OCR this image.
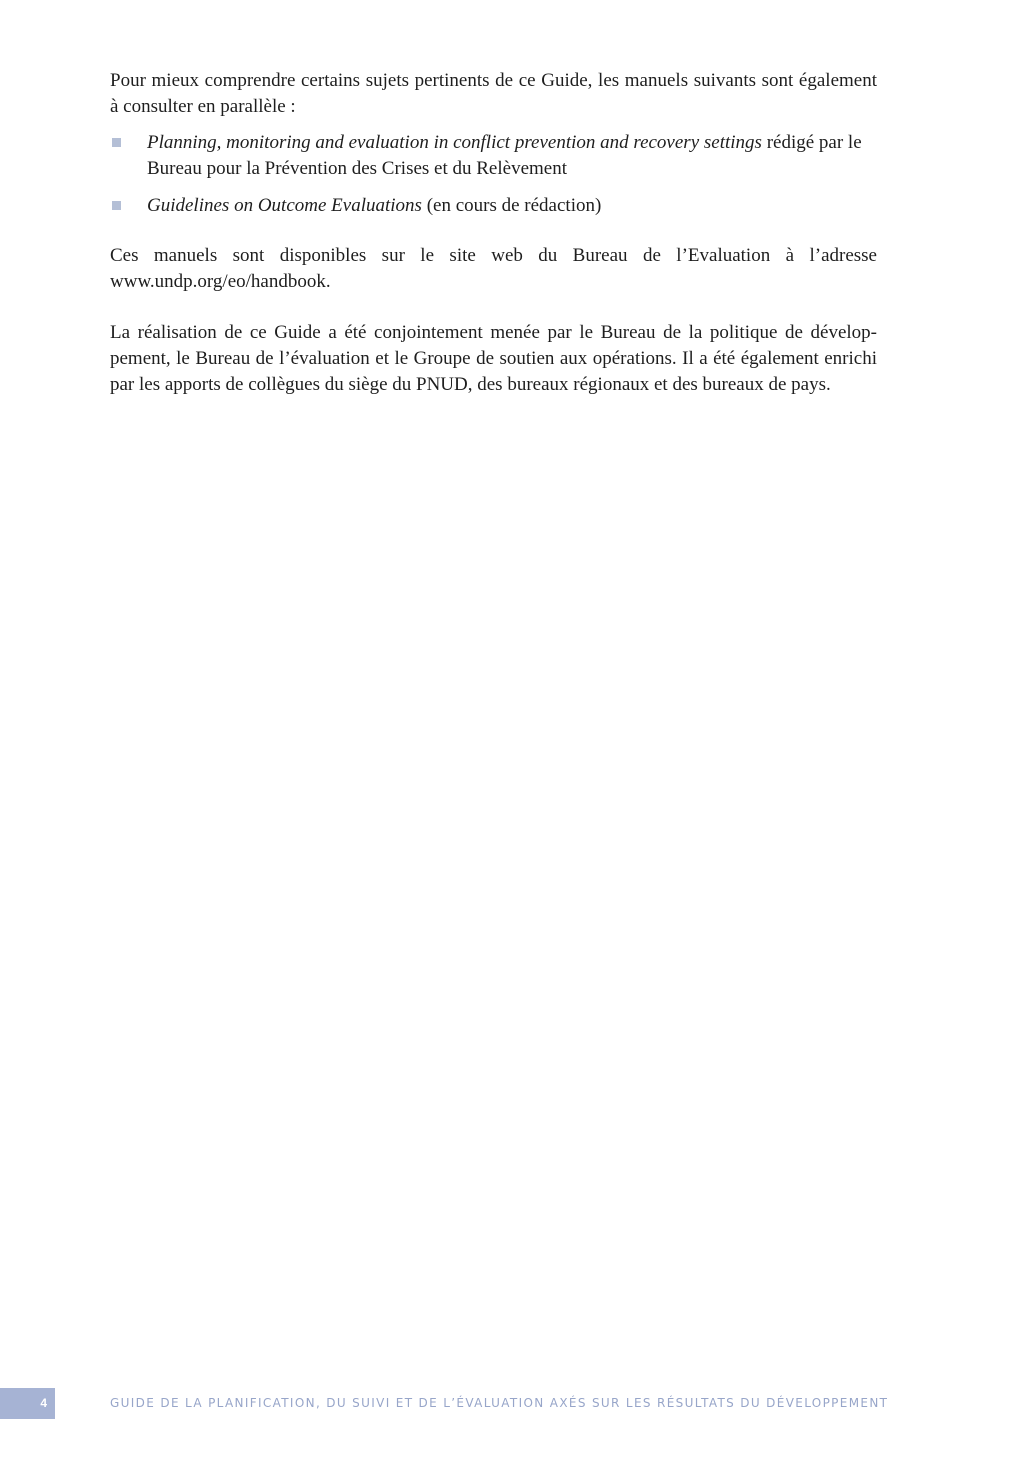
Pour mieux comprendre certains sujets pertinents de ce Guide, les manuels suivants sont également à consulter en parallèle :

Planning, monitoring and evaluation in conflict prevention and recovery settings rédigé par le Bureau pour la Prévention des Crises et du Relèvement
Guidelines on Outcome Evaluations (en cours de rédaction)

Ces manuels sont disponibles sur le site web du Bureau de l’Evaluation à l’adresse www.undp.org/eo/handbook.

La réalisation de ce Guide a été conjointement menée par le Bureau de la politique de dévelop-pement, le Bureau de l’évaluation et le Groupe de soutien aux opérations. Il a été également enrichi par les apports de collègues du siège du PNUD, des bureaux régionaux et des bureaux de pays.

4	GUIDE DE LA PLANIFICATION, DU SUIVI ET DE L’ÉVALUATION AXÉS SUR LES RÉSULTATS DU DÉVELOPPEMENT
